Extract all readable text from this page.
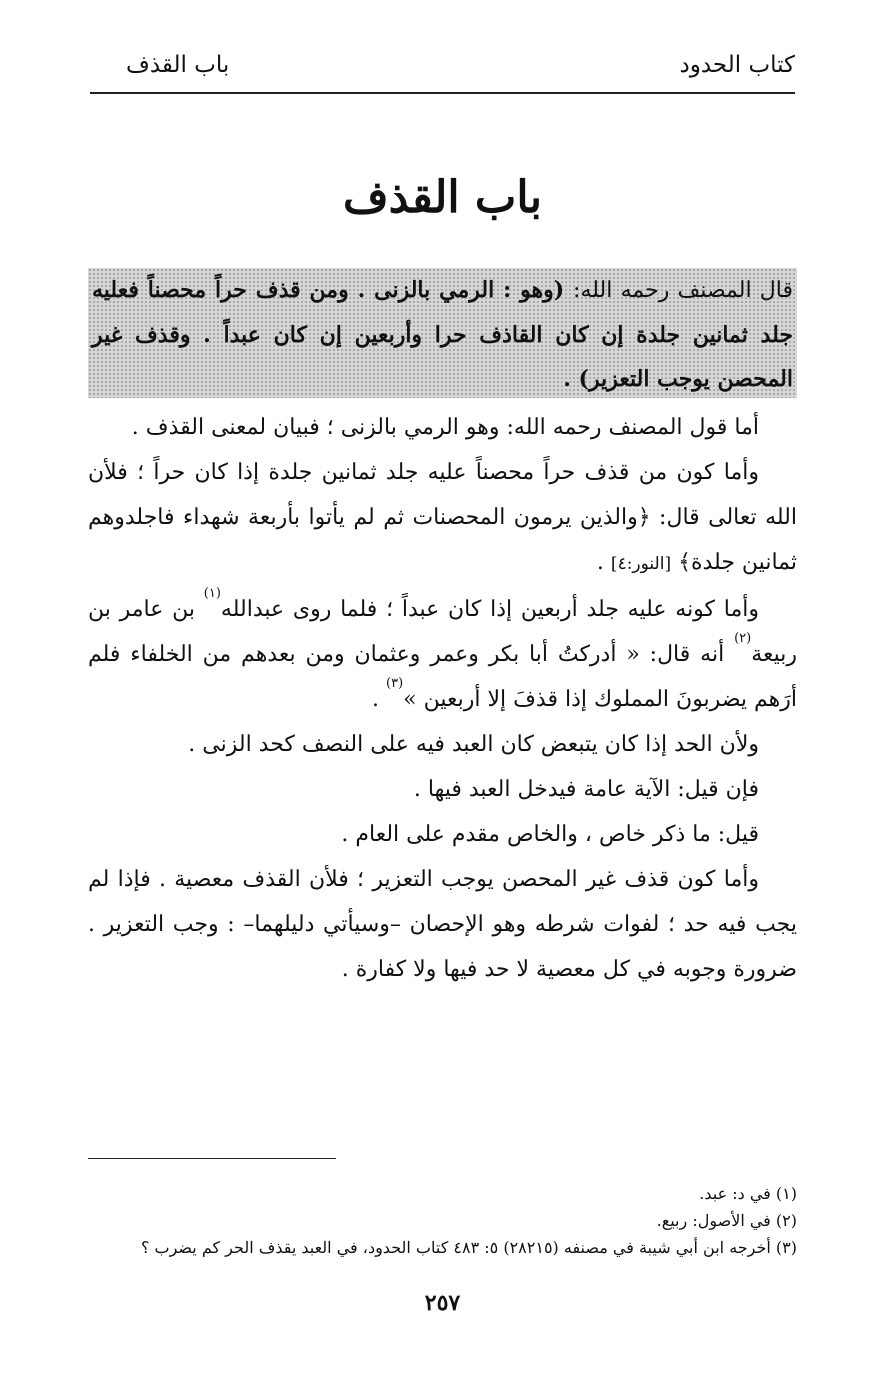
كتاب الحدود
باب القذف
باب القذف
قال المصنف رحمه الله: (وهو : الرمي بالزنى . ومن قذف حراً محصناً فعليه جلد ثمانين جلدة إن كان القاذف حرا وأربعين إن كان عبداً . وقذف غير المحصن يوجب التعزير) .

أما قول المصنف رحمه الله: وهو الرمي بالزنى ؛ فبيان لمعنى القذف .

وأما كون من قذف حراً محصناً عليه جلد ثمانين جلدة إذا كان حراً ؛ فلأن الله تعالى قال: ﴿والذين يرمون المحصنات ثم لم يأتوا بأربعة شهداء فاجلدوهم ثمانين جلدة﴾ [النور:٤] .

وأما كونه عليه جلد أربعين إذا كان عبداً ؛ فلما روى عبدالله$^{(١)}$ بن عامر بن ربيعة$^{(٢)}$ أنه قال: « أدركتُ أبا بكر وعمر وعثمان ومن بعدهم من الخلفاء فلم أرَهم يضربونَ المملوك إذا قذفَ إلا أربعين »$^{(٣)}$ .

ولأن الحد إذا كان يتبعض كان العبد فيه على النصف كحد الزنى .

فإن قيل: الآية عامة فيدخل العبد فيها .

قيل: ما ذكر خاص ، والخاص مقدم على العام .

وأما كون قذف غير المحصن يوجب التعزير ؛ فلأن القذف معصية . فإذا لم يجب فيه حد ؛ لفوات شرطه وهو الإحصان –وسيأتي دليلهما– : وجب التعزير . ضرورة وجوبه في كل معصية لا حد فيها ولا كفارة .

(١) في د: عبد.
(٢) في الأصول: ربيع.
(٣) أخرجه ابن أبي شيبة في مصنفه (٢٨٢١٥) ٥: ٤٨٣ كتاب الحدود، في العبد يقذف الحر كم يضرب ؟
٢٥٧
